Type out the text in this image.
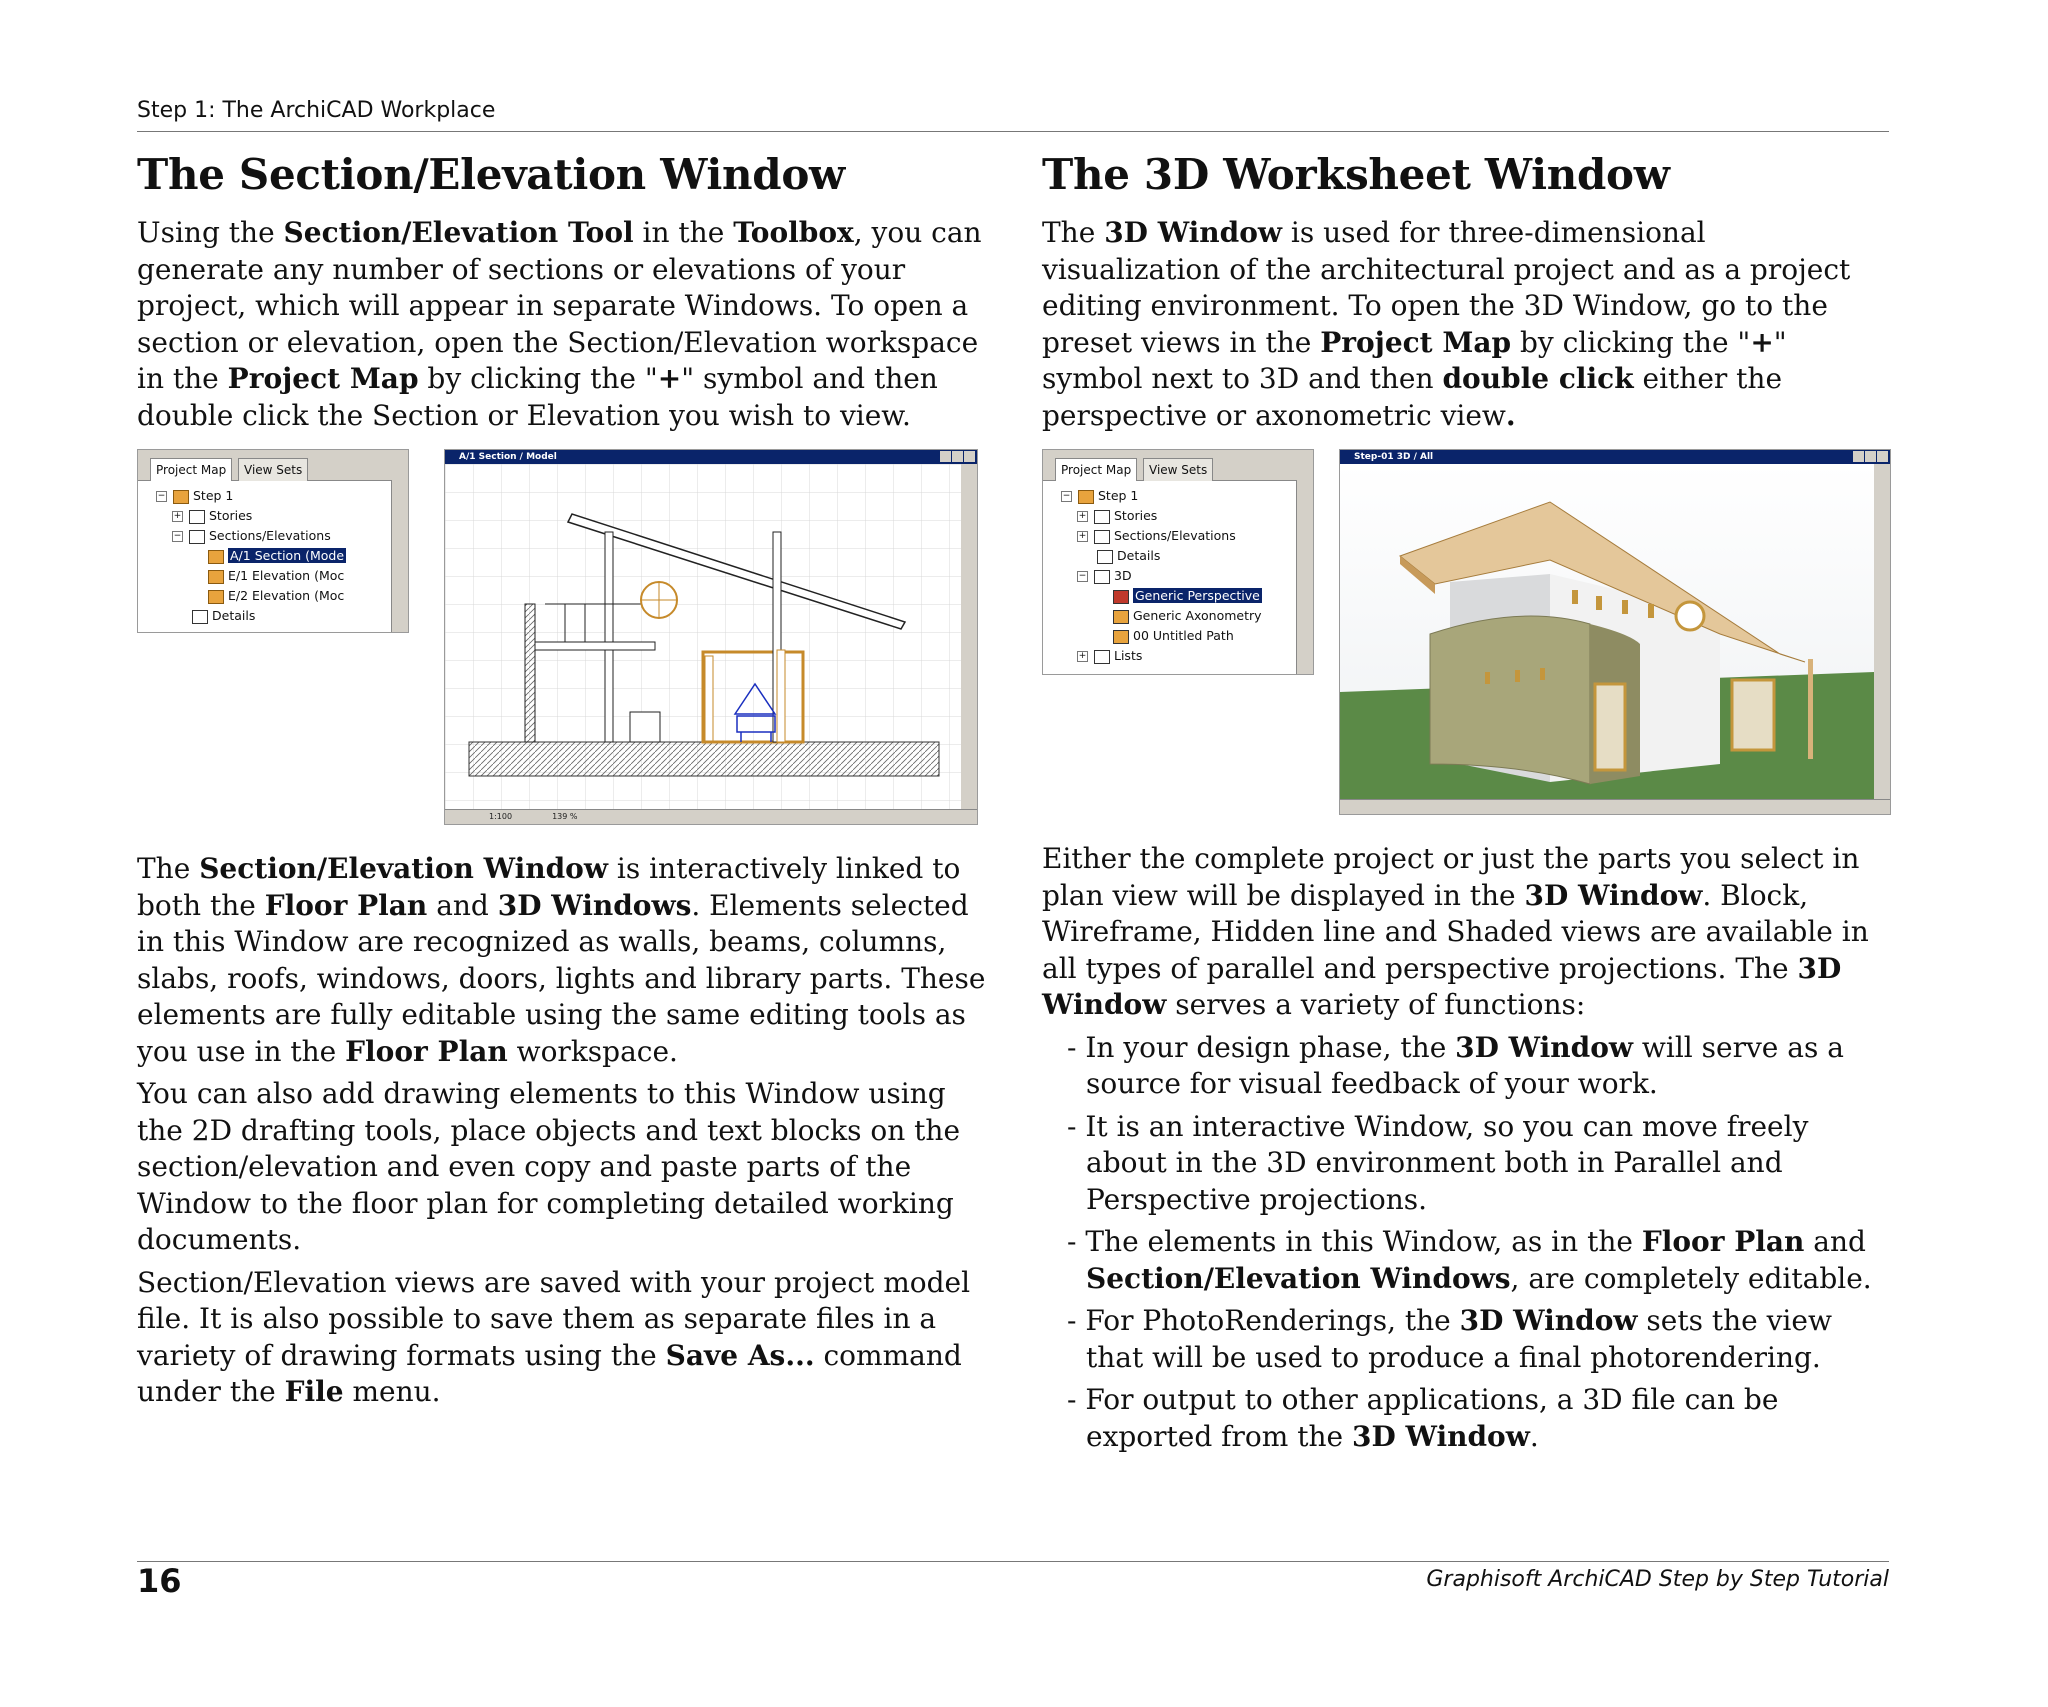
Step 1: The ArchiCAD Workplace
The Section/Elevation Window

Using the Section/Elevation Tool in the Toolbox, you can generate any number of sections or elevations of your project, which will appear in separate Windows. To open a section or elevation, open the Section/Elevation workspace in the Project Map by clicking the "+" symbol and then double click the Section or Elevation you wish to view.

Project Map	View Sets
− Step 1
+ Stories
− Sections/Elevations
A/1 Section (Mode
E/1 Elevation (Moc
E/2 Elevation (Moc
Details
A/1 Section / Model
1:100	139 %

The Section/Elevation Window is interactively linked to both the Floor Plan and 3D Windows. Elements selected in this Window are recognized as walls, beams, columns, slabs, roofs, windows, doors, lights and library parts. These elements are fully editable using the same editing tools as you use in the Floor Plan workspace.

You can also add drawing elements to this Window using the 2D drafting tools, place objects and text blocks on the section/elevation and even copy and paste parts of the Window to the floor plan for completing detailed working documents.

Section/Elevation views are saved with your project model file. It is also possible to save them as separate files in a variety of drawing formats using the Save As... command under the File menu.

The 3D Worksheet Window

The 3D Window is used for three-dimensional visualization of the architectural project and as a project editing environment. To open the 3D Window, go to the preset views in the Project Map by clicking the "+" symbol next to 3D and then double click either the perspective or axonometric view.

Project Map	View Sets
− Step 1
+ Stories
+ Sections/Elevations
Details
− 3D
Generic Perspective
Generic Axonometry
00 Untitled Path
+ Lists
Step-01 3D / All

Either the complete project or just the parts you select in plan view will be displayed in the 3D Window. Block, Wireframe, Hidden line and Shaded views are available in all types of parallel and perspective projections. The 3D Window serves a variety of functions:

- In your design phase, the 3D Window will serve as a source for visual feedback of your work.
- It is an interactive Window, so you can move freely about in the 3D environment both in Parallel and Perspective projections.
- The elements in this Window, as in the Floor Plan and Section/Elevation Windows, are completely editable.
- For PhotoRenderings, the 3D Window sets the view that will be used to produce a final photorendering.
- For output to other applications, a 3D file can be exported from the 3D Window.
16	Graphisoft ArchiCAD Step by Step Tutorial
